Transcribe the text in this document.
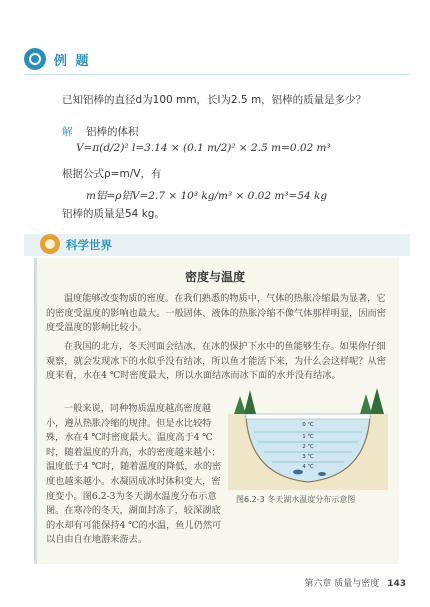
例 题
已知铝棒的直径d为100 mm，长l为2.5 m，铝棒的质量是多少？
解 铝棒的体积
V=π(d/2)² l=3.14 × (0.1 m/2)² × 2.5 m=0.02 m³
根据公式ρ=m/V，有
m铝=ρ铝V=2.7 × 10³ kg/m³ × 0.02 m³=54 kg
铝棒的质量是54 kg。
科学世界
密度与温度
温度能够改变物质的密度。在我们熟悉的物质中，气体的热胀冷缩最为显著，它的密度受温度的影响也最大。一般固体、液体的热胀冷缩不像气体那样明显，因而密度受温度的影响比较小。
在我国的北方，冬天河面会结冰，在冰的保护下水中的鱼能够生存。如果你仔细观察，就会发现冰下的水似乎没有结冰，所以鱼才能活下来，为什么会这样呢？从密度来看，水在4 ℃时密度最大，所以水面结冰而冰下面的水并没有结冰。
一般来说，同种物质温度越高密度越小，遵从热胀冷缩的规律。但是水比较特殊，水在4 ℃时密度最大。温度高于4 ℃时，随着温度的升高，水的密度越来越小；温度低于4 ℃时，随着温度的降低，水的密度也越来越小。水凝固成冰时体积变大，密度变小。图6.2-3为冬天湖水温度分布示意图。在寒冷的冬天，湖面封冻了，较深湖底的水却有可能保持4 ℃的水温，鱼儿仍然可以自由自在地游来游去。
0 ℃
1 ℃
2 ℃
3 ℃
4 ℃
图6.2-3 冬天湖水温度分布示意图
第六章 质量与密度 143
